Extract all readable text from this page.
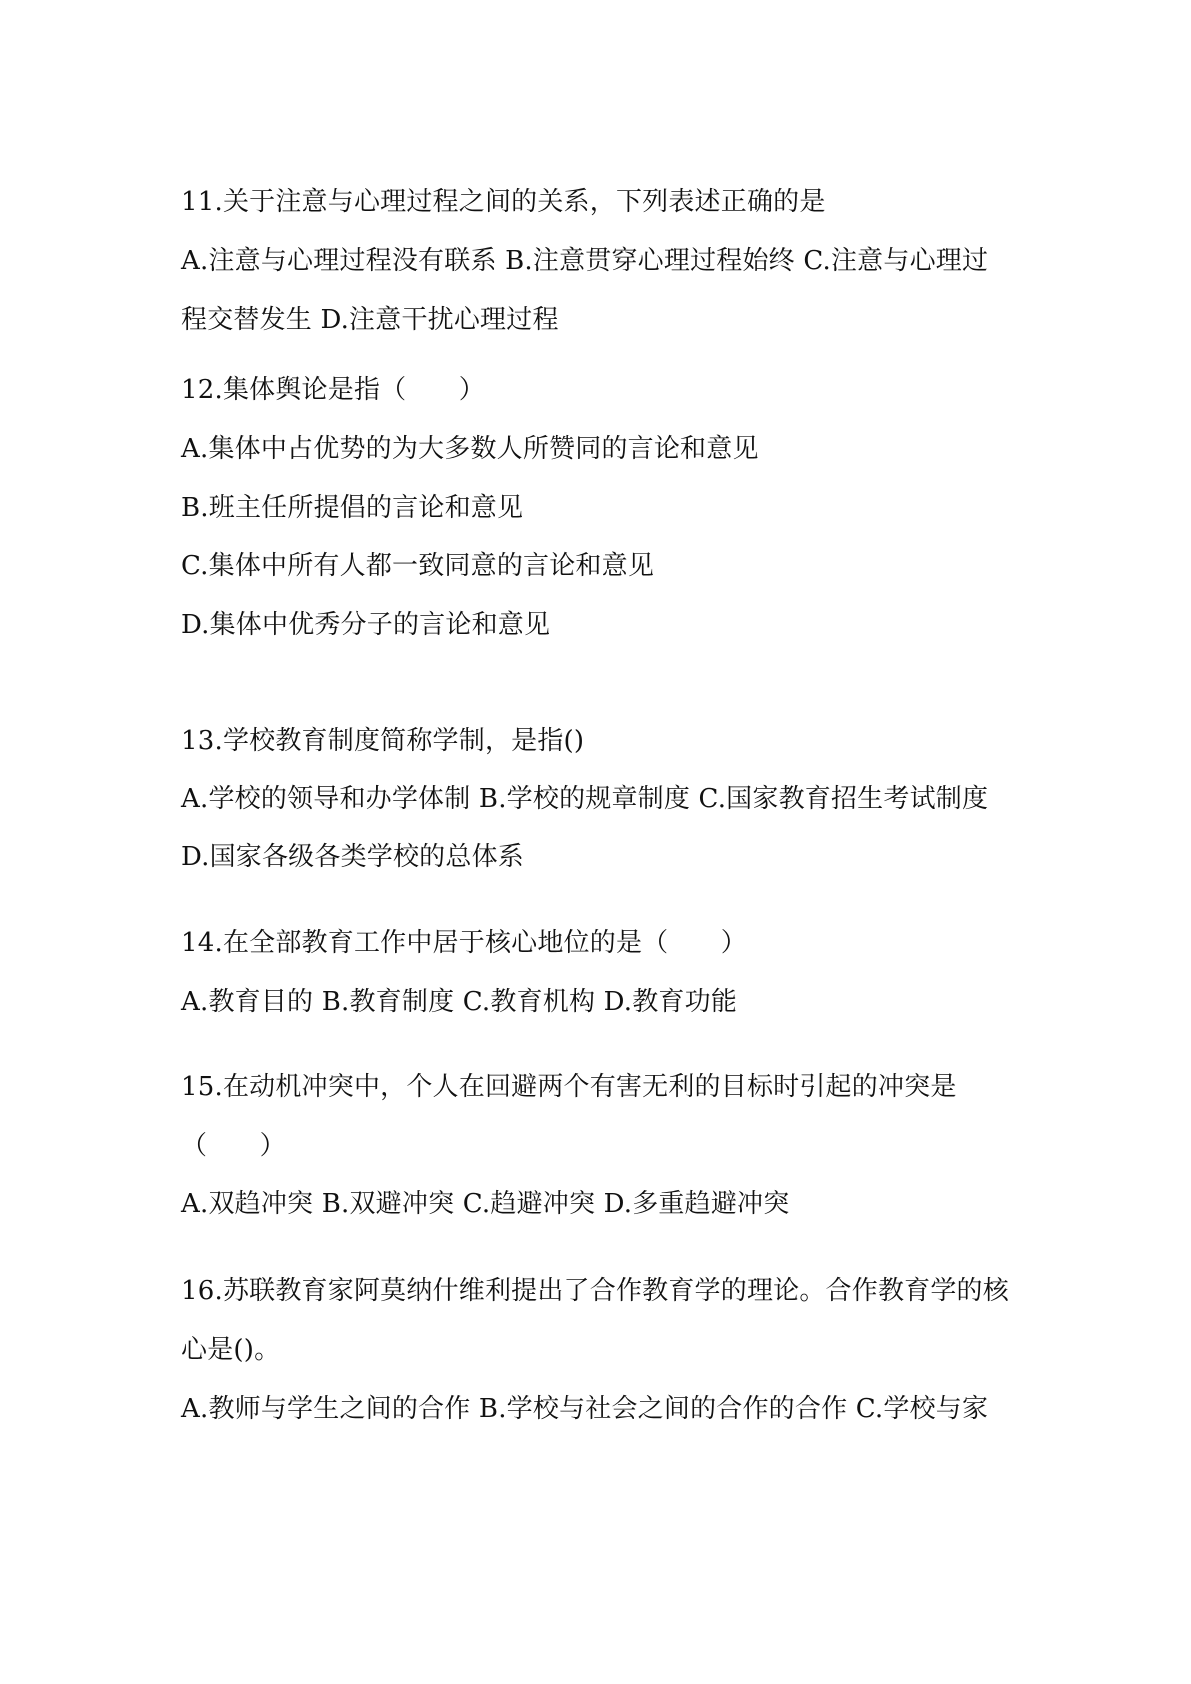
11.关于注意与心理过程之间的关系，下列表述正确的是
A.注意与心理过程没有联系 B.注意贯穿心理过程始终 C.注意与心理过
程交替发生 D.注意干扰心理过程
12.集体舆论是指（　　）
A.集体中占优势的为大多数人所赞同的言论和意见
B.班主任所提倡的言论和意见
C.集体中所有人都一致同意的言论和意见
D.集体中优秀分子的言论和意见
13.学校教育制度简称学制，是指()
A.学校的领导和办学体制 B.学校的规章制度 C.国家教育招生考试制度
D.国家各级各类学校的总体系
14.在全部教育工作中居于核心地位的是（　　）
A.教育目的 B.教育制度 C.教育机构 D.教育功能
15.在动机冲突中，个人在回避两个有害无利的目标时引起的冲突是
（　　）
A.双趋冲突 B.双避冲突 C.趋避冲突 D.多重趋避冲突
16.苏联教育家阿莫纳什维利提出了合作教育学的理论。合作教育学的核
心是()。
A.教师与学生之间的合作 B.学校与社会之间的合作的合作 C.学校与家
